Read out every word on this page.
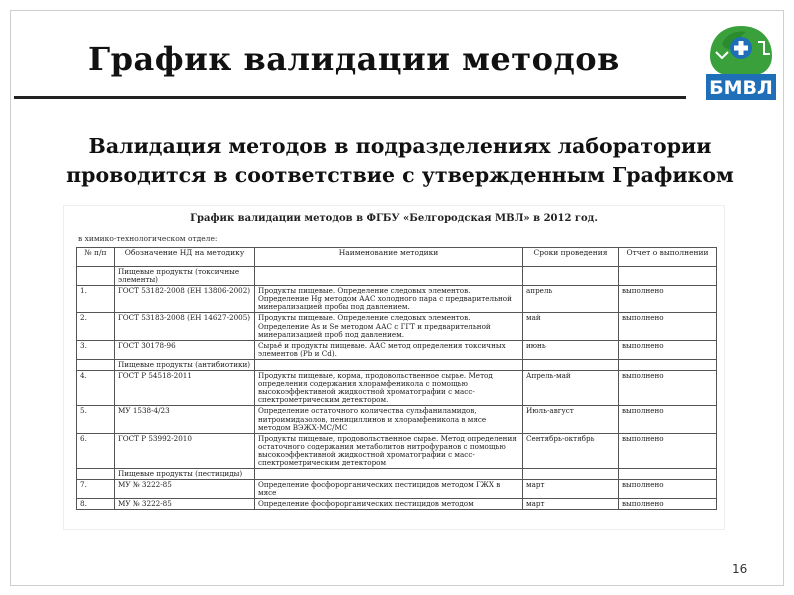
График валидации методов
БМВЛ

Валидация методов в подразделениях лаборатории
проводится в соответствие с утвержденным Графиком

График валидации методов в ФГБУ «Белгородская МВЛ» в 2012 год.
в химико-технологическом отделе:
№ п/п	Обозначение НД на методику	Наименование методики	Сроки проведения	Отчет о выполнении
	Пищевые продукты (токсичные элементы)			
1.	ГОСТ 53182-2008 (ЕН 13806-2002)	Продукты пищевые. Определение следовых элементов. Определение Hg методом ААС холодного пара с предварительной минерализацией пробы под давлением.	апрель	выполнено
2.	ГОСТ 53183-2008 (ЕН 14627-2005)	Продукты пищевые. Определение следовых элементов. Определение As и Se методом ААС с ГГТ и предварительной минерализацией проб под давлением.	май	выполнено
3.	ГОСТ 30178-96	Сырьё и продукты пищевые. ААС метод определения токсичных элементов (Pb и Cd).	июнь	выполнено
	Пищевые продукты (антибиотики)			
4.	ГОСТ Р 54518-2011	Продукты пищевые, корма, продовольственное сырье. Метод определения содержания хлорамфеникола с помощью высокоэффективной жидкостной хроматографии с масс-спектрометрическим детектором.	Апрель-май	выполнено
5.	МУ 1538-4/23	Определение остаточного количества сульфаниламидов, нитроимидазолов, пенициллинов и хлорамфеникола в мясе методом ВЭЖХ-МС/МС	Июль-август	выполнено
6.	ГОСТ Р 53992-2010	Продукты пищевые, продовольственное сырье. Метод определения остаточного содержания метаболитов нитрофуранов с помощью высокоэффективной жидкостной хроматографии с масс-спектрометрическим детектором	Сентябрь-октябрь	выполнено
	Пищевые продукты (пестициды)			
7.	МУ № 3222-85	Определение фосфорорганических пестицидов методом ГЖХ в мясе	март	выполнено
8.	МУ № 3222-85	Определение фосфорорганических пестицидов методом	март	выполнено
16
